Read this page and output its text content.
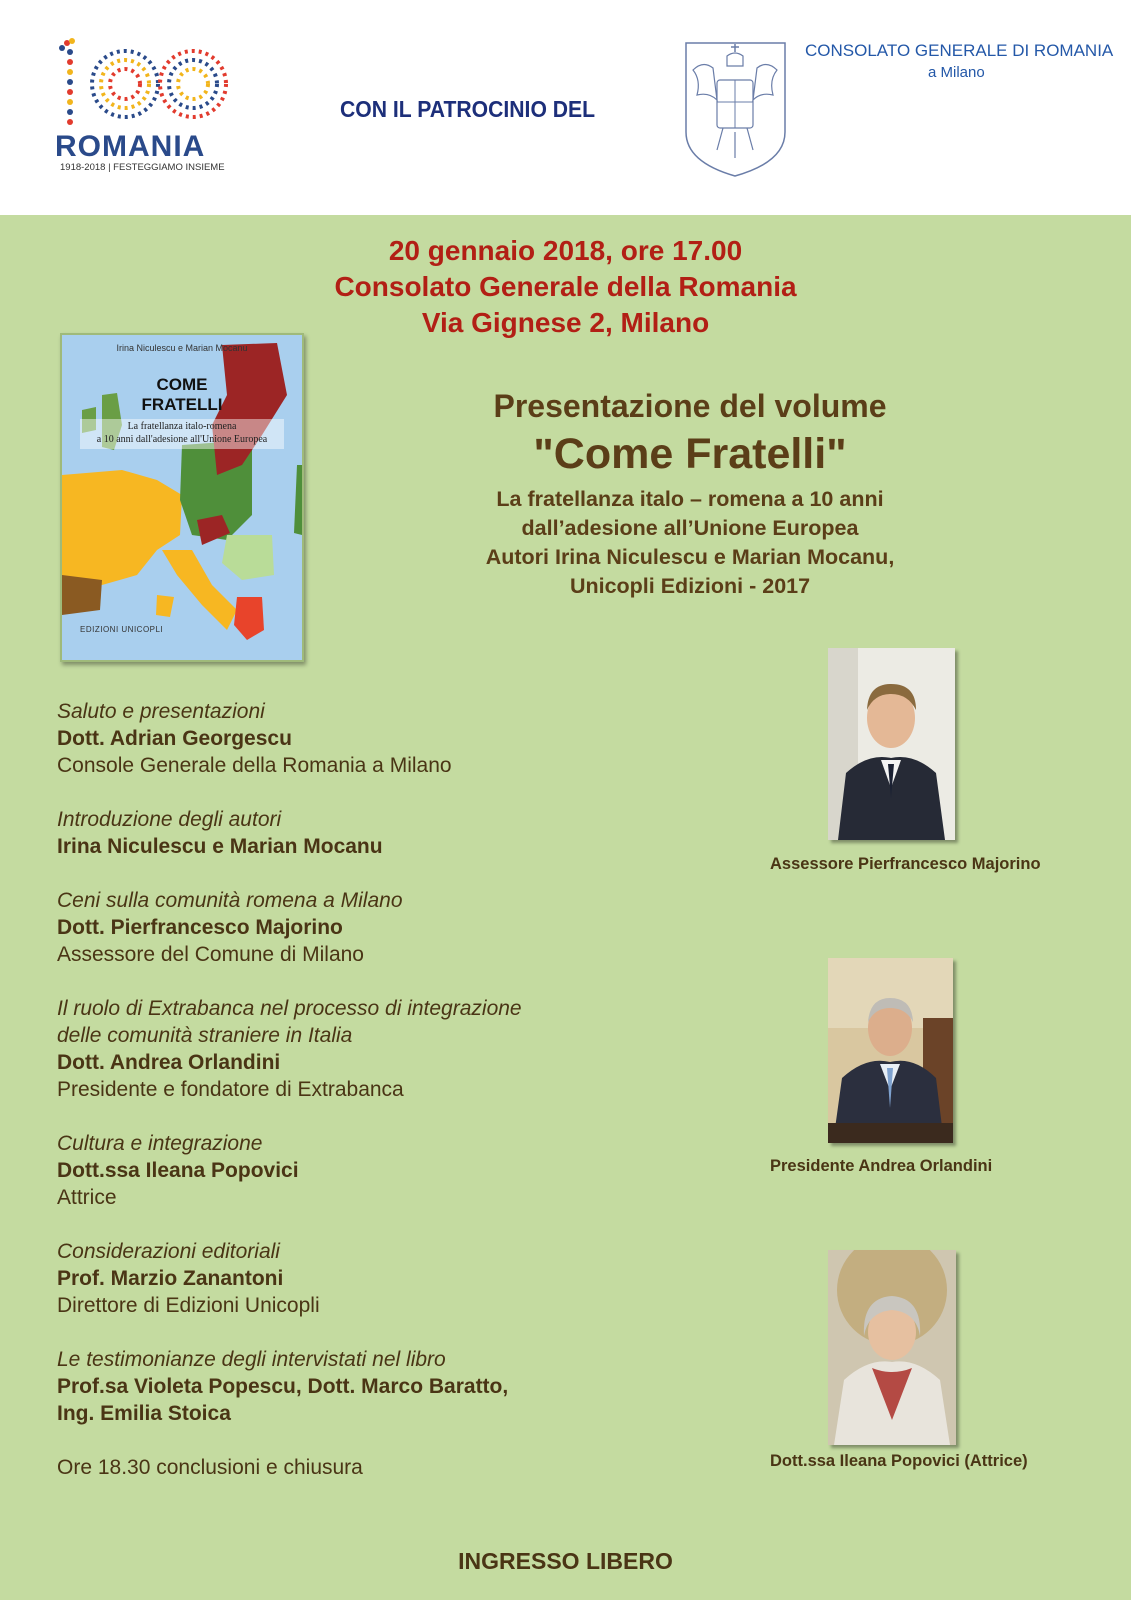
ROMANIA
1918-2018 | FESTEGGIAMO INSIEME
CON IL PATROCINIO DEL
CONSOLATO GENERALE DI ROMANIA
a Milano
20 gennaio 2018, ore 17.00
Consolato Generale della Romania
Via Gignese 2, Milano
Irina Niculescu e Marian Mocanu
COME
FRATELLI
La fratellanza italo-romena
a 10 anni dall'adesione all'Unione Europea
EDIZIONI UNICOPLI
Presentazione del volume
"Come Fratelli"
La fratellanza italo – romena a 10 anni
dall’adesione all’Unione Europea
Autori Irina Niculescu e Marian Mocanu,
Unicopli Edizioni - 2017
Saluto e presentazioni
Dott. Adrian Georgescu
Console Generale della Romania a Milano
Introduzione degli autori
Irina Niculescu e Marian Mocanu
Ceni sulla comunità romena a Milano
Dott. Pierfrancesco Majorino
Assessore del Comune di Milano
Il ruolo di Extrabanca nel processo di integrazione
delle comunità straniere in Italia
Dott. Andrea Orlandini
Presidente e fondatore di Extrabanca
Cultura e integrazione
Dott.ssa Ileana Popovici
Attrice
Considerazioni editoriali
Prof. Marzio Zanantoni
Direttore di Edizioni Unicopli
Le testimonianze degli intervistati nel libro
Prof.sa Violeta Popescu, Dott. Marco Baratto,
Ing. Emilia Stoica
Ore 18.30 conclusioni e chiusura
Assessore Pierfrancesco Majorino
Presidente Andrea Orlandini
Dott.ssa Ileana Popovici (Attrice)
INGRESSO LIBERO
